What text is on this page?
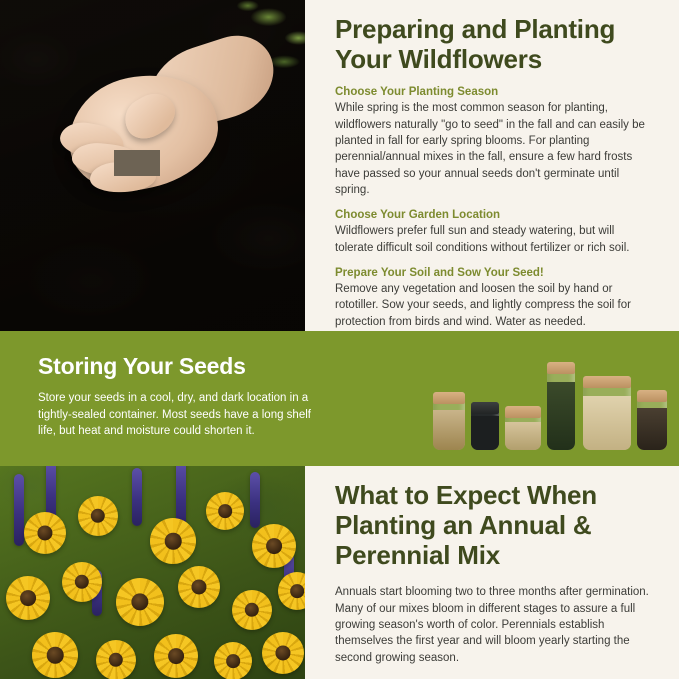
Preparing and Planting Your Wildflowers

Choose Your Planting Season

While spring is the most common season for planting, wildflowers naturally "go to seed" in the fall and can easily be planted in fall for early spring blooms. For planting perennial/annual mixes in the fall, ensure a few hard frosts have passed so your annual seeds don't germinate until spring.

Choose Your Garden Location

Wildflowers prefer full sun and steady watering, but will tolerate difficult soil conditions without fertilizer or rich soil.

Prepare Your Soil and Sow Your Seed!

Remove any vegetation and loosen the soil by hand or rototiller. Sow your seeds, and lightly compress the soil for protection from birds and wind. Water as needed.

Storing Your Seeds

Store your seeds in a cool, dry, and dark location in a tightly-sealed container. Most seeds have a long shelf life, but heat and moisture could shorten it.

What to Expect When Planting an Annual & Perennial Mix

Annuals start blooming two to three months after germination. Many of our mixes bloom in different stages to assure a full growing season's worth of color. Perennials establish themselves the first year and will bloom yearly starting the second growing season.
